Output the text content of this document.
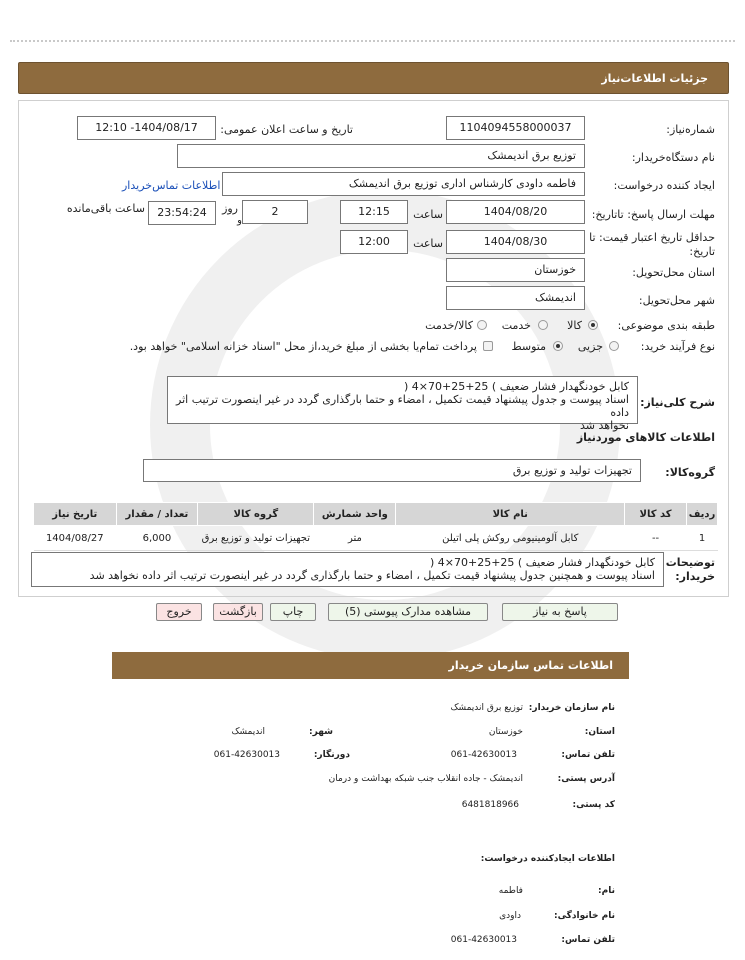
جزئیات اطلاعات‌نیاز
شماره‌نیاز:
1104094558000037
تاریخ و ساعت اعلان عمومی:
1404/08/17- 12:10
نام دستگاه‌خریدار:
توزیع برق اندیمشک
ایجاد کننده درخواست:
فاطمه داودی کارشناس اداری توزیع برق اندیمشک
اطلاعات تماس‌خریدار
مهلت ارسال پاسخ: تاتاریخ:
1404/08/20
ساعت
12:15
2
روز
و
23:54:24
ساعت باقی‌مانده
حداقل تاریخ اعتبار قیمت: تا تاریخ:
1404/08/30
ساعت
12:00
استان محل‌تحویل:
خوزستان
شهر محل‌تحویل:
اندیمشک
طبقه بندی موضوعی:
کالا
خدمت
کالا/خدمت
نوع فرآیند خرید:
جزیی
متوسط
پرداخت تمام‌یا بخشی از مبلغ خرید،از محل "اسناد خزانه اسلامی" خواهد بود.
شرح کلی‌نیاز:
کابل خودنگهدار فشار ضعیف ) 25+25+70×4 (
اسناد پیوست و جدول پیشنهاد قیمت تکمیل ، امضاء و حتما بارگذاری گردد در غیر اینصورت ترتیب اثر داده
نخواهد شد
اطلاعات کالاهای موردنیاز
گروه‌کالا:
تجهیزات تولید و توزیع برق
ردیف	کد کالا	نام کالا	واحد شمارش	گروه کالا	تعداد / مقدار	تاریخ نیاز
1	--	کابل آلومینیومی روکش پلی اتیلن	متر	تجهیزات تولید و توزیع برق	6,000	1404/08/27
توضیحات
خریدار:
کابل خودنگهدار فشار ضعیف ) 25+25+70×4 (
اسناد پیوست و همچنین جدول پیشنهاد قیمت تکمیل ، امضاء و حتما بارگذاری گردد در غیر اینصورت ترتیب اثر داده نخواهد شد
پاسخ به نیاز
مشاهده مدارک پیوستی (5)
چاپ
بازگشت
خروج
اطلاعات تماس سازمان خریدار
نام سازمان خریدار:
توزیع برق اندیمشک
استان:
خوزستان
شهر:
اندیمشک
تلفن تماس:
061-42630013
دورنگار:
061-42630013
آدرس پستی:
اندیمشک - جاده انقلاب جنب شبکه بهداشت و درمان
کد پستی:
6481818966
اطلاعات ایجادکننده درخواست:
نام:
فاطمه
نام خانوادگی:
داودی
تلفن تماس:
061-42630013
